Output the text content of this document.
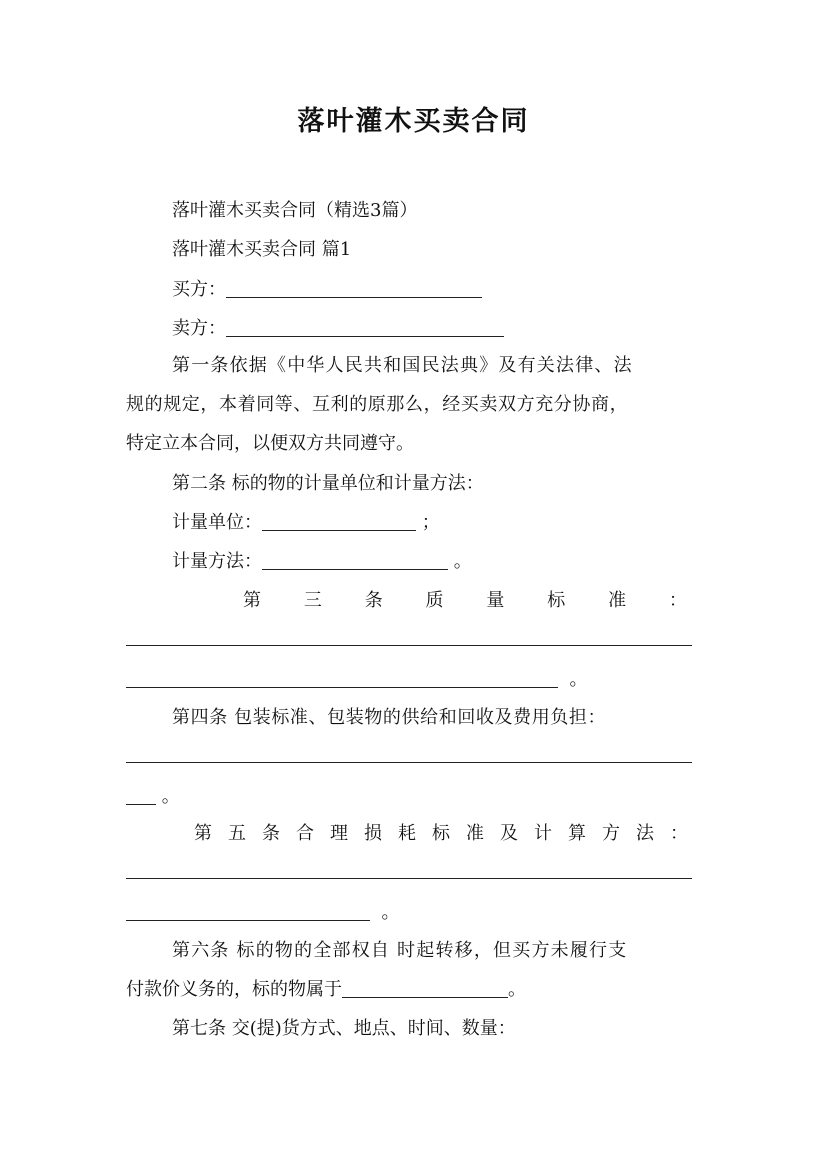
落叶灌木买卖合同
落叶灌木买卖合同（精选3篇）
落叶灌木买卖合同 篇1
买方：
卖方：
第一条依据《中华人民共和国民法典》及有关法律、法
规的规定，本着同等、互利的原那么，经买卖双方充分协商，
特定立本合同，以便双方共同遵守。
第二条 标的物的计量单位和计量方法：
计量单位：	；
计量方法：	。
第 三 条 质 量 标 准 ：
。
第四条 包装标准、包装物的供给和回收及费用负担：
。
第 五 条 合 理 损 耗 标 准 及 计 算 方 法 ：
。
第六条 标的物的全部权自 时起转移，但买方未履行支
付款价义务的，标的物属于	。
第七条 交(提)货方式、地点、时间、数量：
